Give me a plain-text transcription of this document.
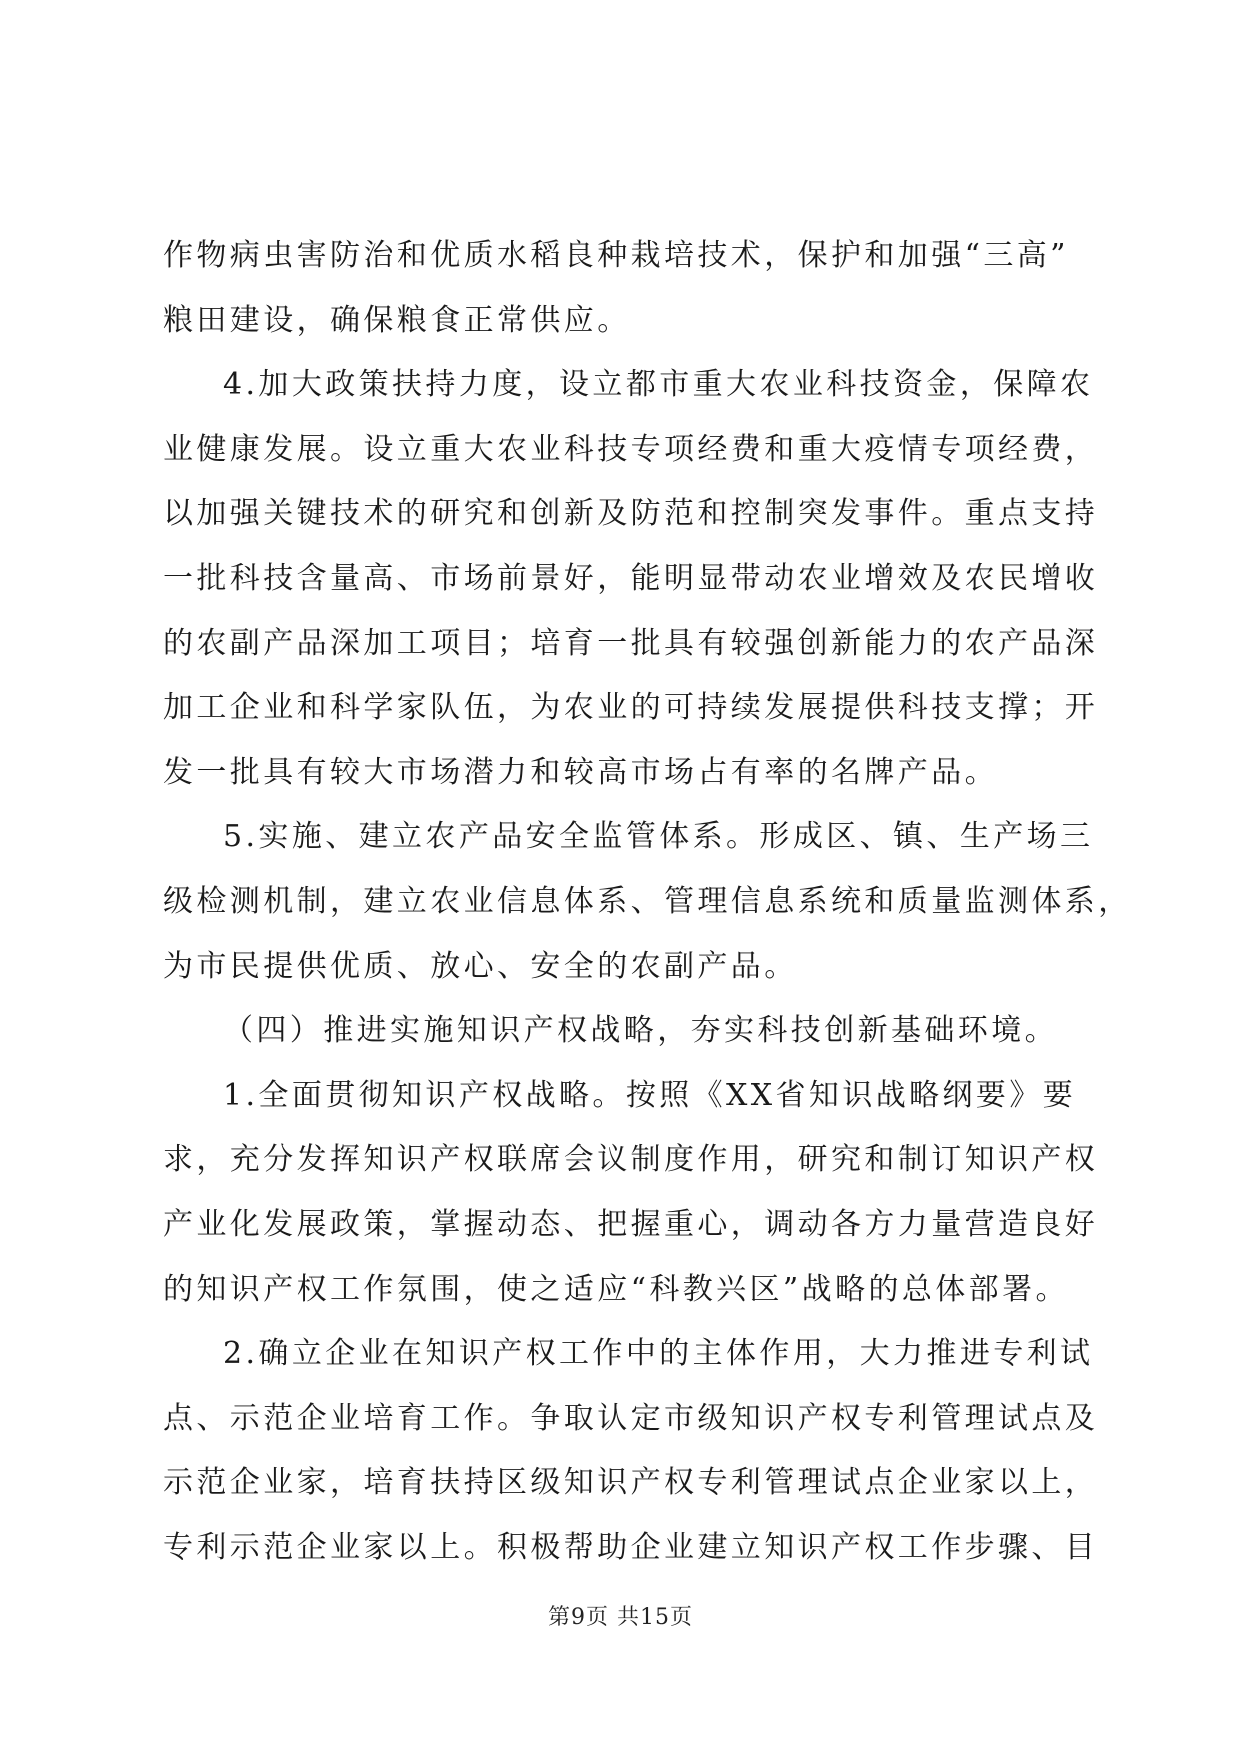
作物病虫害防治和优质水稻良种栽培技术，保护和加强“三高”
粮田建设，确保粮食正常供应。
4.加大政策扶持力度，设立都市重大农业科技资金，保障农
业健康发展。设立重大农业科技专项经费和重大疫情专项经费，
以加强关键技术的研究和创新及防范和控制突发事件。重点支持
一批科技含量高、市场前景好，能明显带动农业增效及农民增收
的农副产品深加工项目；培育一批具有较强创新能力的农产品深
加工企业和科学家队伍，为农业的可持续发展提供科技支撑；开
发一批具有较大市场潜力和较高市场占有率的名牌产品。
5.实施、建立农产品安全监管体系。形成区、镇、生产场三
级检测机制，建立农业信息体系、管理信息系统和质量监测体系，
为市民提供优质、放心、安全的农副产品。
（四）推进实施知识产权战略，夯实科技创新基础环境。
1.全面贯彻知识产权战略。按照《XX省知识战略纲要》要
求，充分发挥知识产权联席会议制度作用，研究和制订知识产权
产业化发展政策，掌握动态、把握重心，调动各方力量营造良好
的知识产权工作氛围，使之适应“科教兴区”战略的总体部署。
2.确立企业在知识产权工作中的主体作用，大力推进专利试
点、示范企业培育工作。争取认定市级知识产权专利管理试点及
示范企业家，培育扶持区级知识产权专利管理试点企业家以上，
专利示范企业家以上。积极帮助企业建立知识产权工作步骤、目
第9页 共15页
